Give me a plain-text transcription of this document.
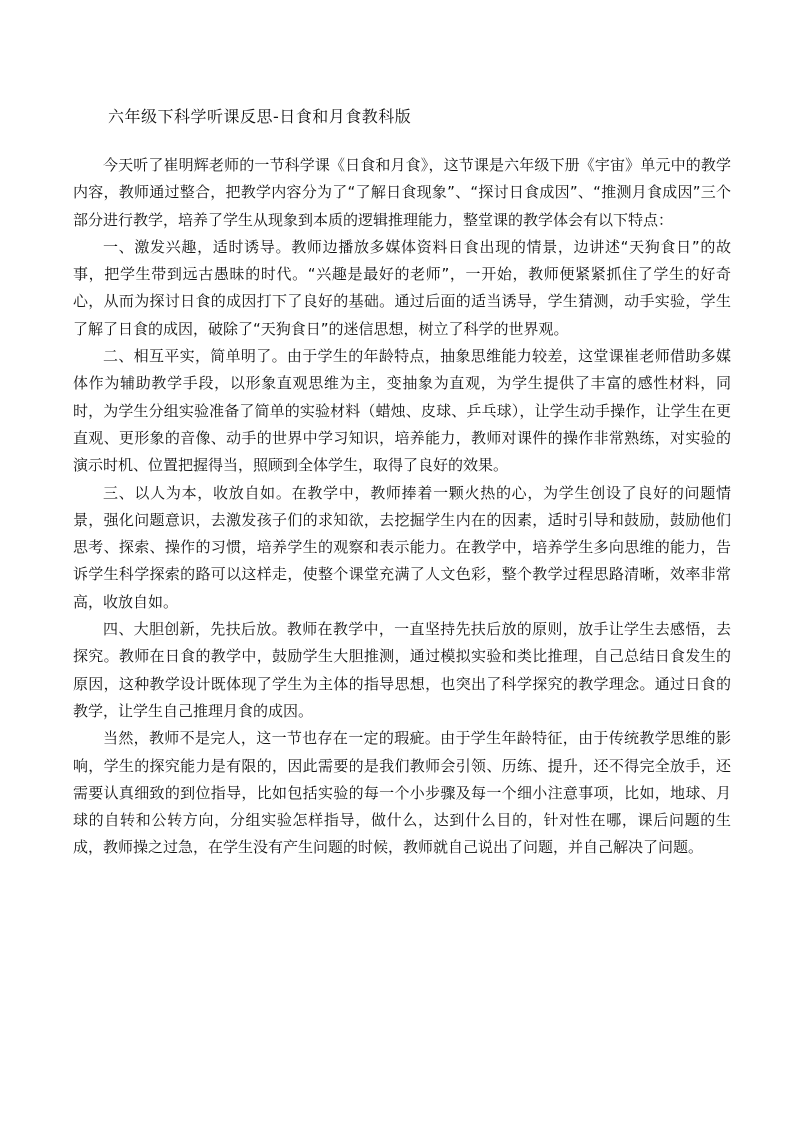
六年级下科学听课反思-日食和月食教科版

今天听了崔明辉老师的一节科学课《日食和月食》，这节课是六年级下册《宇宙》单元中的教学内容，教师通过整合，把教学内容分为了“了解日食现象”、“探讨日食成因”、“推测月食成因”三个部分进行教学，培养了学生从现象到本质的逻辑推理能力，整堂课的教学体会有以下特点：

一、激发兴趣，适时诱导。教师边播放多媒体资料日食出现的情景，边讲述“天狗食日”的故事，把学生带到远古愚昧的时代。“兴趣是最好的老师”，一开始，教师便紧紧抓住了学生的好奇心，从而为探讨日食的成因打下了良好的基础。通过后面的适当诱导，学生猜测，动手实验，学生了解了日食的成因，破除了“天狗食日”的迷信思想，树立了科学的世界观。

二、相互平实，简单明了。由于学生的年龄特点，抽象思维能力较差，这堂课崔老师借助多媒体作为辅助教学手段，以形象直观思维为主，变抽象为直观，为学生提供了丰富的感性材料，同时，为学生分组实验准备了简单的实验材料（蜡烛、皮球、乒乓球），让学生动手操作，让学生在更直观、更形象的音像、动手的世界中学习知识，培养能力，教师对课件的操作非常熟练，对实验的演示时机、位置把握得当，照顾到全体学生，取得了良好的效果。

三、以人为本，收放自如。在教学中，教师捧着一颗火热的心，为学生创设了良好的问题情景，强化问题意识，去激发孩子们的求知欲，去挖掘学生内在的因素，适时引导和鼓励，鼓励他们思考、探索、操作的习惯，培养学生的观察和表示能力。在教学中，培养学生多向思维的能力，告诉学生科学探索的路可以这样走，使整个课堂充满了人文色彩，整个教学过程思路清晰，效率非常高，收放自如。

四、大胆创新，先扶后放。教师在教学中，一直坚持先扶后放的原则，放手让学生去感悟，去探究。教师在日食的教学中，鼓励学生大胆推测，通过模拟实验和类比推理，自己总结日食发生的原因，这种教学设计既体现了学生为主体的指导思想，也突出了科学探究的教学理念。通过日食的教学，让学生自己推理月食的成因。

当然，教师不是完人，这一节也存在一定的瑕疵。由于学生年龄特征，由于传统教学思维的影响，学生的探究能力是有限的，因此需要的是我们教师会引领、历练、提升，还不得完全放手，还需要认真细致的到位指导，比如包括实验的每一个小步骤及每一个细小注意事项，比如，地球、月球的自转和公转方向，分组实验怎样指导，做什么，达到什么目的，针对性在哪，课后问题的生成，教师操之过急，在学生没有产生问题的时候，教师就自己说出了问题，并自己解决了问题。
